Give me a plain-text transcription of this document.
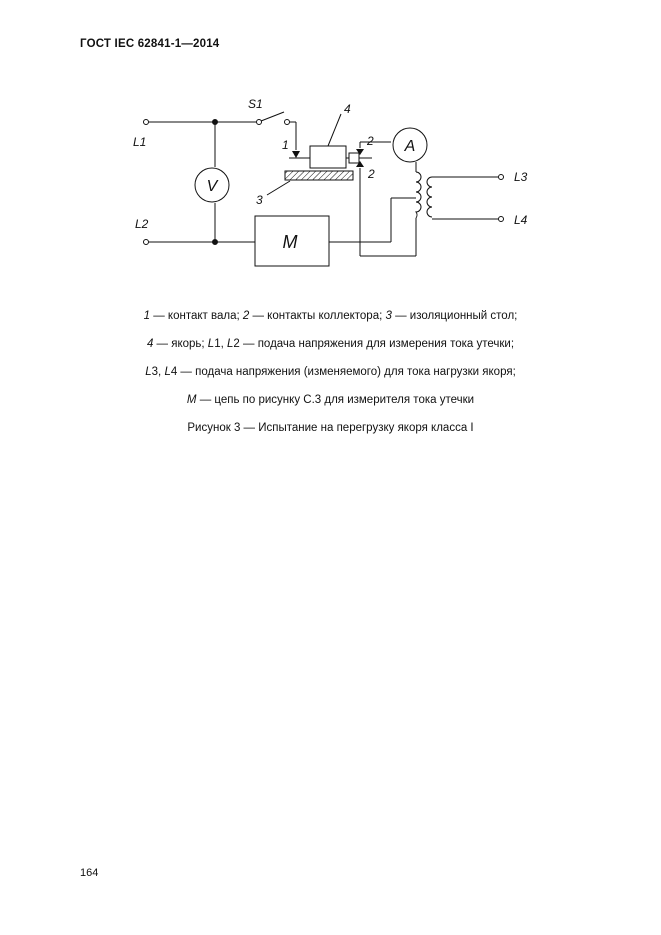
ГОСТ IEC 62841-1—2014
L1
L2
L3
L4
S1
1	2
2
3
4
V
A
M
1 — контакт вала; 2 — контакты коллектора; 3 — изоляционный стол;
4 — якорь; L1, L2 — подача напряжения для измерения тока утечки;
L3, L4 — подача напряжения (изменяемого) для тока нагрузки якоря;
M — цепь по рисунку С.3 для измерителя тока утечки
Рисунок 3 — Испытание на перегрузку якоря класса I
164
